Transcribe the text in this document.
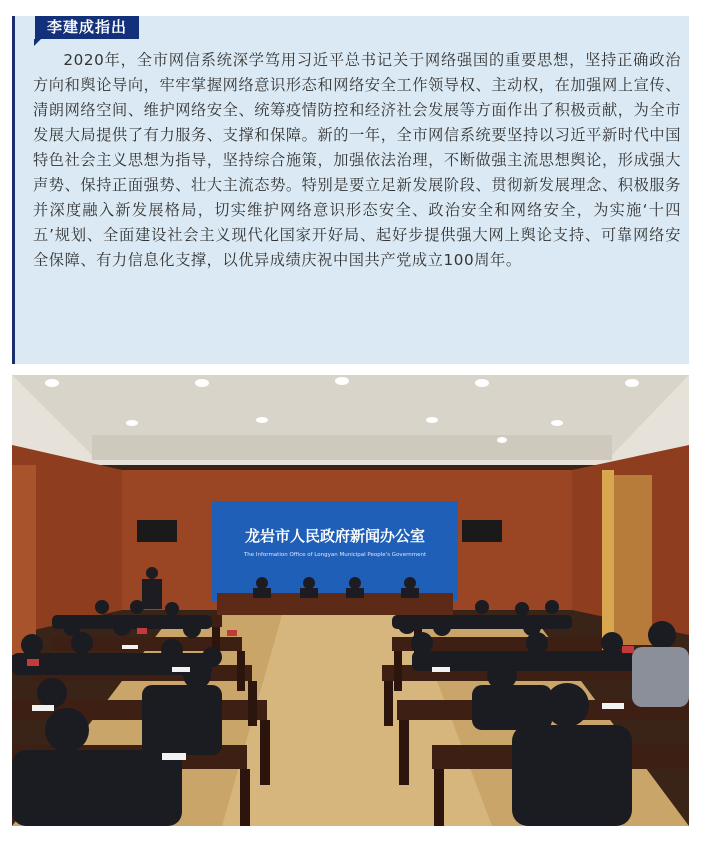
李建成指出

2020年，全市网信系统深学笃用习近平总书记关于网络强国的重要思想，坚持正确政治方向和舆论导向，牢牢掌握网络意识形态和网络安全工作领导权、主动权，在加强网上宣传、清朗网络空间、维护网络安全、统筹疫情防控和经济社会发展等方面作出了积极贡献，为全市发展大局提供了有力服务、支撑和保障。新的一年，全市网信系统要坚持以习近平新时代中国特色社会主义思想为指导，坚持综合施策，加强依法治理，不断做强主流思想舆论，形成强大声势、保持正面强势、壮大主流态势。特别是要立足新发展阶段、贯彻新发展理念、积极服务并深度融入新发展格局，切实维护网络意识形态安全、政治安全和网络安全，为实施‘十四五’规划、全面建设社会主义现代化国家开好局、起好步提供强大网上舆论支持、可靠网络安全保障、有力信息化支撑，以优异成绩庆祝中国共产党成立100周年。

龙岩市人民政府新闻办公室
The Information Office of Longyan Municipal People's Government
